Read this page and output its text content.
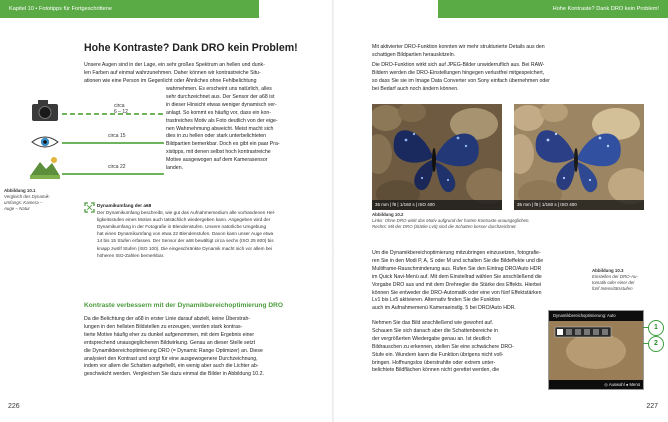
Kapitel 10 • Fototipps für Fortgeschrittene
Hohe Kontraste? Dank DRO kein Problem!
Unsere Augen sind in der Lage, ein sehr großes Spektrum an hellen und dunk-
len Farben auf einmal wahrzunehmen. Daher können wir kontrastreiche Situ-
ationen wie eine Person im Gegenlicht oder Ähnliches ohne Fehlbelichtung
wahrnehmen. Es erscheint uns natürlich, alles
sehr durchzeichnet aus. Der Sensor der a68 ist
in dieser Hinsicht etwas weniger dynamisch ver-
anlagt. So kommt es häufig vor, dass ein kon-
trastreiches Motiv als Foto deutlich von der eige-
nen Wahrnehmung abweicht. Meist macht sich
dies in zu hellen oder stark unterbelichteten
Bildpartien bemerkbar. Doch es gibt ein paar Pra-
xistipps, mit denen selbst hoch kontrastreiche
Motive ausgewogen auf dem Kamerasensor
landen.
circa 6 – 12
circa 15
circa 22
Abbildung 10.1
Vergleich des Dynamik-
umfangs: Kamera –
Auge – Natur
Dynamikumfang der a68
Der Dynamikumfang beschreibt, wie gut das Aufnahmemedium alle vorhandenen Hel-
ligkeitsstufen eines Motivs auch tatsächlich wiedergeben kann. Angegeben wird der
Dynamikumfang in der Fotografie in Blendenstufen. Unsere natürliche Umgebung
hat einen Dynamikumfang von etwa 22 Blendenstufen. Davon kann unser Auge etwa
14 bis 15 Stufen erfassen. Der Sensor der a68 bewältigt circa sechs (ISO 25 600) bis
knapp zwölf Stufen (ISO 100). Die eingeschränkte Dynamik macht sich vor allem bei
höheren ISO-Zahlen bemerkbar.
Kontraste verbessern mit der Dynamikbereichoptimierung DRO
Da die Belichtung der a68 in erster Linie darauf abzielt, keine Überstrah-
lungen in den hellsten Bildstellen zu erzeugen, werden stark kontras-
tierte Motive häufig eher zu dunkel aufgenommen, mit dem Ergebnis einer
entsprechend unausgeglichenen Bildwirkung. Genau an dieser Stelle setzt
die Dynamikbereichoptimierung DRO (= Dynamic Range Optimizer) an. Diese
analysiert den Kontrast und sorgt für eine ausgewogenere Durchzeichnung,
indem vor allem die Schatten aufgehellt, ein wenig aber auch die Lichter ab-
geschwächt werden. Vergleichen Sie dazu einmal die Bilder in Abbildung 10.2.
226
Hohe Kontraste? Dank DRO kein Problem!
Mit aktivierter DRO-Funktion konnten wir mehr strukturierte Details aus den
schattigen Bildpartien herauskitzeln.
Die DRO-Funktion wirkt sich auf JPEG-Bilder unwiderruflich aus. Bei RAW-
Bildern werden die DRO-Einstellungen hingegen verlustfrei mitgespeichert,
so dass Sie sie im Image Data Converter von Sony einfach übernehmen oder
bei Bedarf auch noch ändern können.
35 mm | f8 | 1/160 s | ISO 400	35 mm | f8 | 1/160 s | ISO 400
Abbildung 10.2
Links: Ohne DRO wirkt das Motiv aufgrund der harten Kontraste unausgeglichen.
Rechts: Mit der DRO (Stärke Lv5) sind die Schatten besser durchzeichnet.
Um die Dynamikbereichoptimierung mitzubringen einzusetzen, fotografie-
ren Sie in den Modi P, A, S oder M und schalten Sie die Bildeffekte und die
Multiframe-Rauschminderung aus. Rufen Sie den Eintrag DRO/Auto HDR
im Quick Navi-Menü auf. Mit dem Einstellrad wählen Sie anschließend die
Vorgabe DRO aus und mit dem Drehregler die Stärke des Effekts. Hierbei
können Sie entweder die DRO-Automatik oder eine von fünf Effektstärken
Lv1 bis Lv5 aktivieren. Alternativ finden Sie die Funktion
auch im Aufnahmemenü Kameraeinstlg. 5 bei DRO/Auto HDR.
Abbildung 10.3
Einstellen der DRO-Au-
tomatik oder einer der
fünf Intensitätsstufen
Nehmen Sie das Bild anschließend wie gewohnt auf.
Schauen Sie sich danach aber die Schattenbereiche in
der vergrößerten Wiedergabe genau an. Ist deutlich
Bildrauschen zu erkennen, stellen Sie eine schwächere DRO-
Stufe ein. Wundern kann die Funktion übrigens nicht voll-
bringen. Hoffnungslos überstrahlte oder extrem unter-
belichtete Bildflächen können nicht gerettet werden, die
Dynamikbereichoptimierung: Auto
◎ Auswahl ● Menü
1
2
227
